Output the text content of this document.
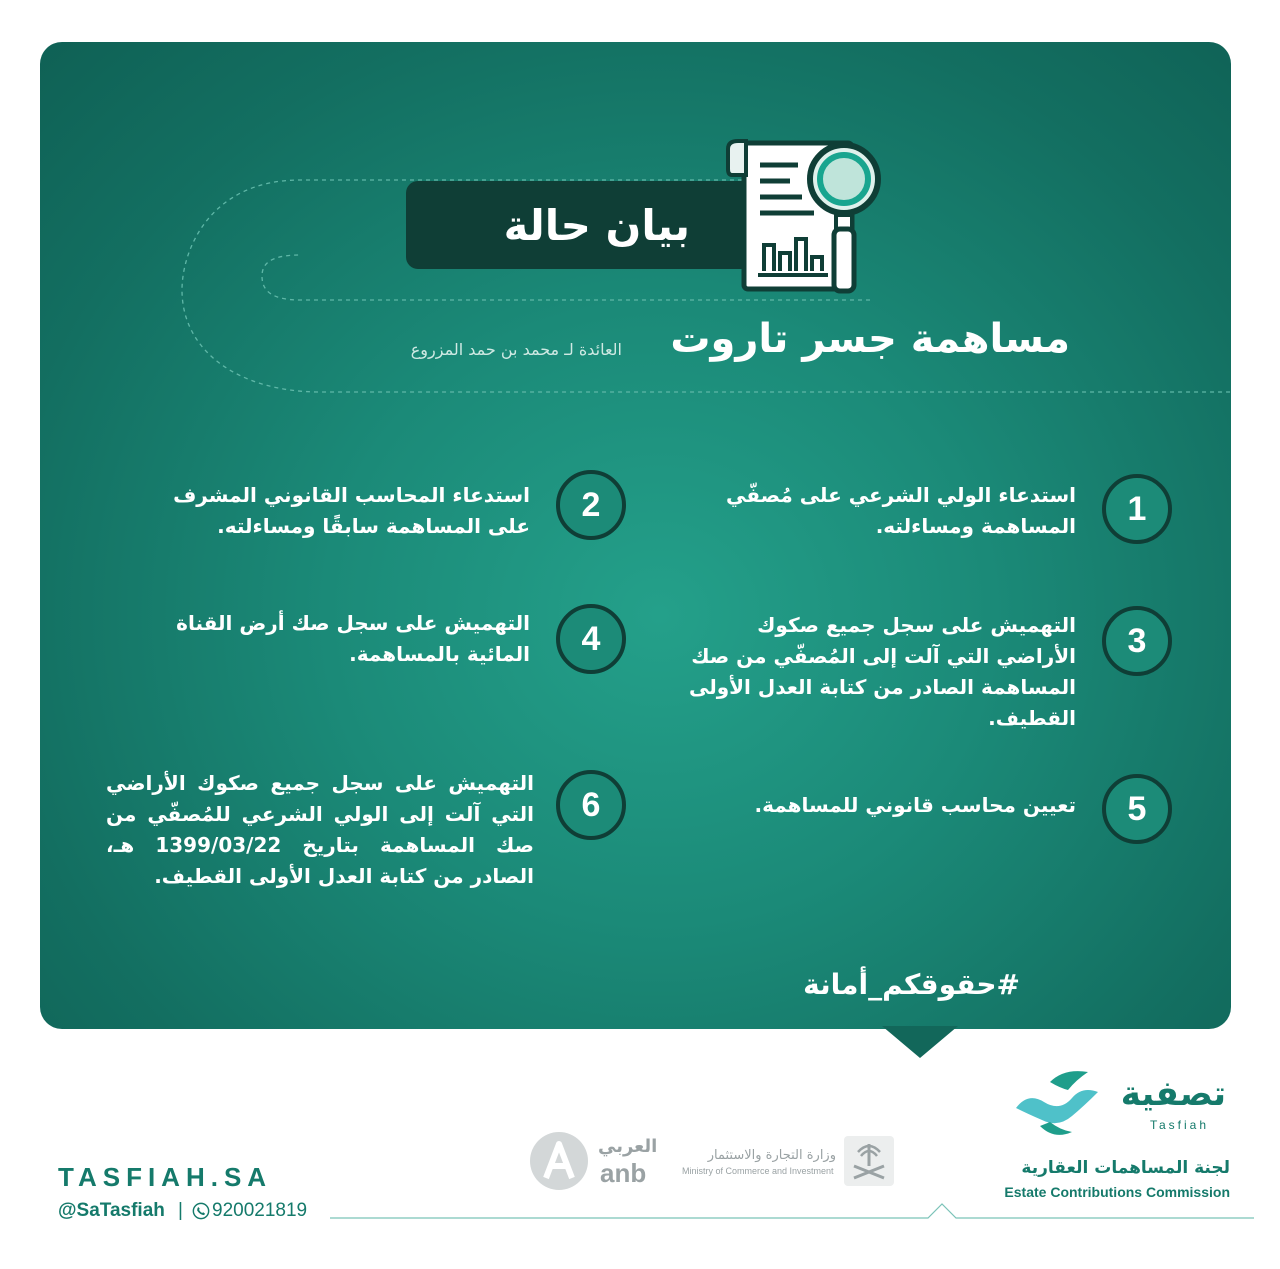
بيان حالة
مساهمة جسر تاروت
العائدة لـ محمد بن حمد المزروع
1
استدعاء الولي الشرعي على مُصفّي المساهمة ومساءلته.
2
استدعاء المحاسب القانوني المشرف على المساهمة سابقًا ومساءلته.
3
التهميش على سجل جميع صكوك الأراضي التي آلت إلى المُصفّي من صك المساهمة الصادر من كتابة العدل الأولى القطيف.
4
التهميش على سجل صك أرض القناة المائية بالمساهمة.
5
تعيين محاسب قانوني للمساهمة.
6
التهميش على سجل جميع صكوك الأراضي التي آلت إلى الولي الشرعي للمُصفّي من صك المساهمة بتاريخ 1399/03/22 هـ، الصادر من كتابة العدل الأولى القطيف.
#حقوقكم_أمانة
TASFIAH.SA
@SaTasfiah | 920021819
العربي
anb
وزارة التجارة والاستثمار
Ministry of Commerce and Investment
تصفية
Tasfiah
لجنة المساهمات العقارية
Estate Contributions Commission
